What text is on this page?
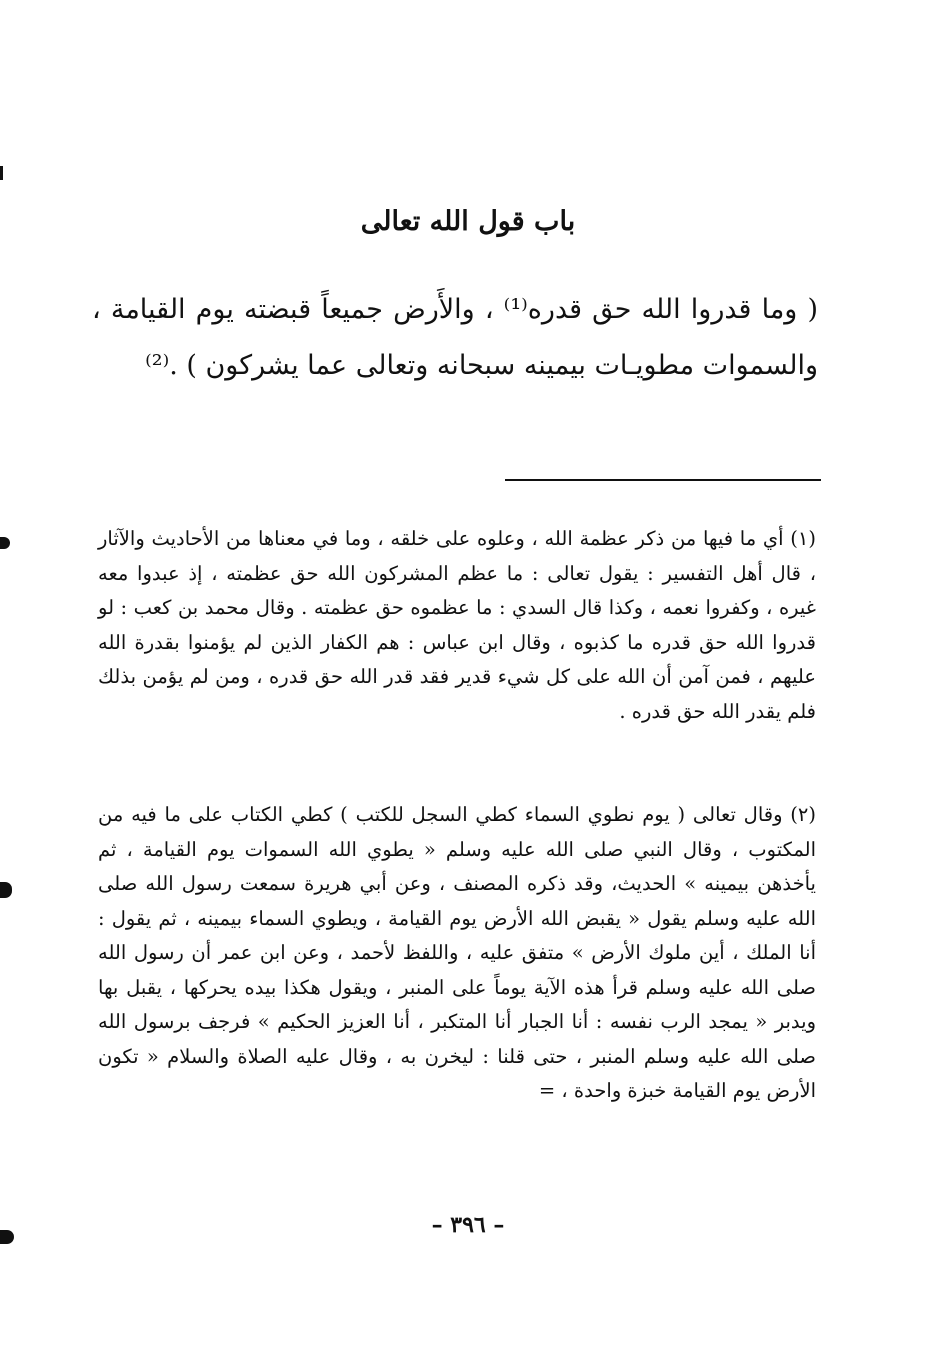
باب قول الله تعالى
( وما قدروا الله حق قدره⁽¹⁾ ، والأَرض جميعاً قبضته يوم القيامة ، والسموات مطويـات بيمينه سبحانه وتعالى عما يشركون ) .⁽²⁾
(١) أي ما فيها من ذكر عظمة الله ، وعلوه على خلقه ، وما في معناها من الأحاديث والآثار ، قال أهل التفسير : يقول تعالى : ما عظم المشركون الله حق عظمته ، إذ عبدوا معه غيره ، وكفروا نعمه ، وكذا قال السدي : ما عظموه حق عظمته . وقال محمد بن كعب : لو قدروا الله حق قدره ما كذبوه ، وقال ابن عباس : هم الكفار الذين لم يؤمنوا بقدرة الله عليهم ، فمن آمن أن الله على كل شيء قدير فقد قدر الله حق قدره ، ومن لم يؤمن بذلك فلم يقدر الله حق قدره .
(٢) وقال تعالى ( يوم نطوي السماء كطي السجل للكتب ) كطي الكتاب على ما فيه من المكتوب ، وقال النبي صلى الله عليه وسلم « يطوي الله السموات يوم القيامة ، ثم يأخذهن بيمينه » الحديث، وقد ذكره المصنف ، وعن أبي هريرة سمعت رسول الله صلى الله عليه وسلم يقول « يقبض الله الأرض يوم القيامة ، ويطوي السماء بيمينه ، ثم يقول : أنا الملك ، أين ملوك الأرض » متفق عليه ، واللفظ لأحمد ، وعن ابن عمر أن رسول الله صلى الله عليه وسلم قرأ هذه الآية يوماً على المنبر ، ويقول هكذا بيده يحركها ، يقبل بها ويدبر « يمجد الرب نفسه : أنا الجبار أنا المتكبر ، أنا العزيز الحكيم » فرجف برسول الله صلى الله عليه وسلم المنبر ، حتى قلنا : ليخرن به ، وقال عليه الصلاة والسلام « تكون الأرض يوم القيامة خبزة واحدة ، =
– ٣٩٦ –
